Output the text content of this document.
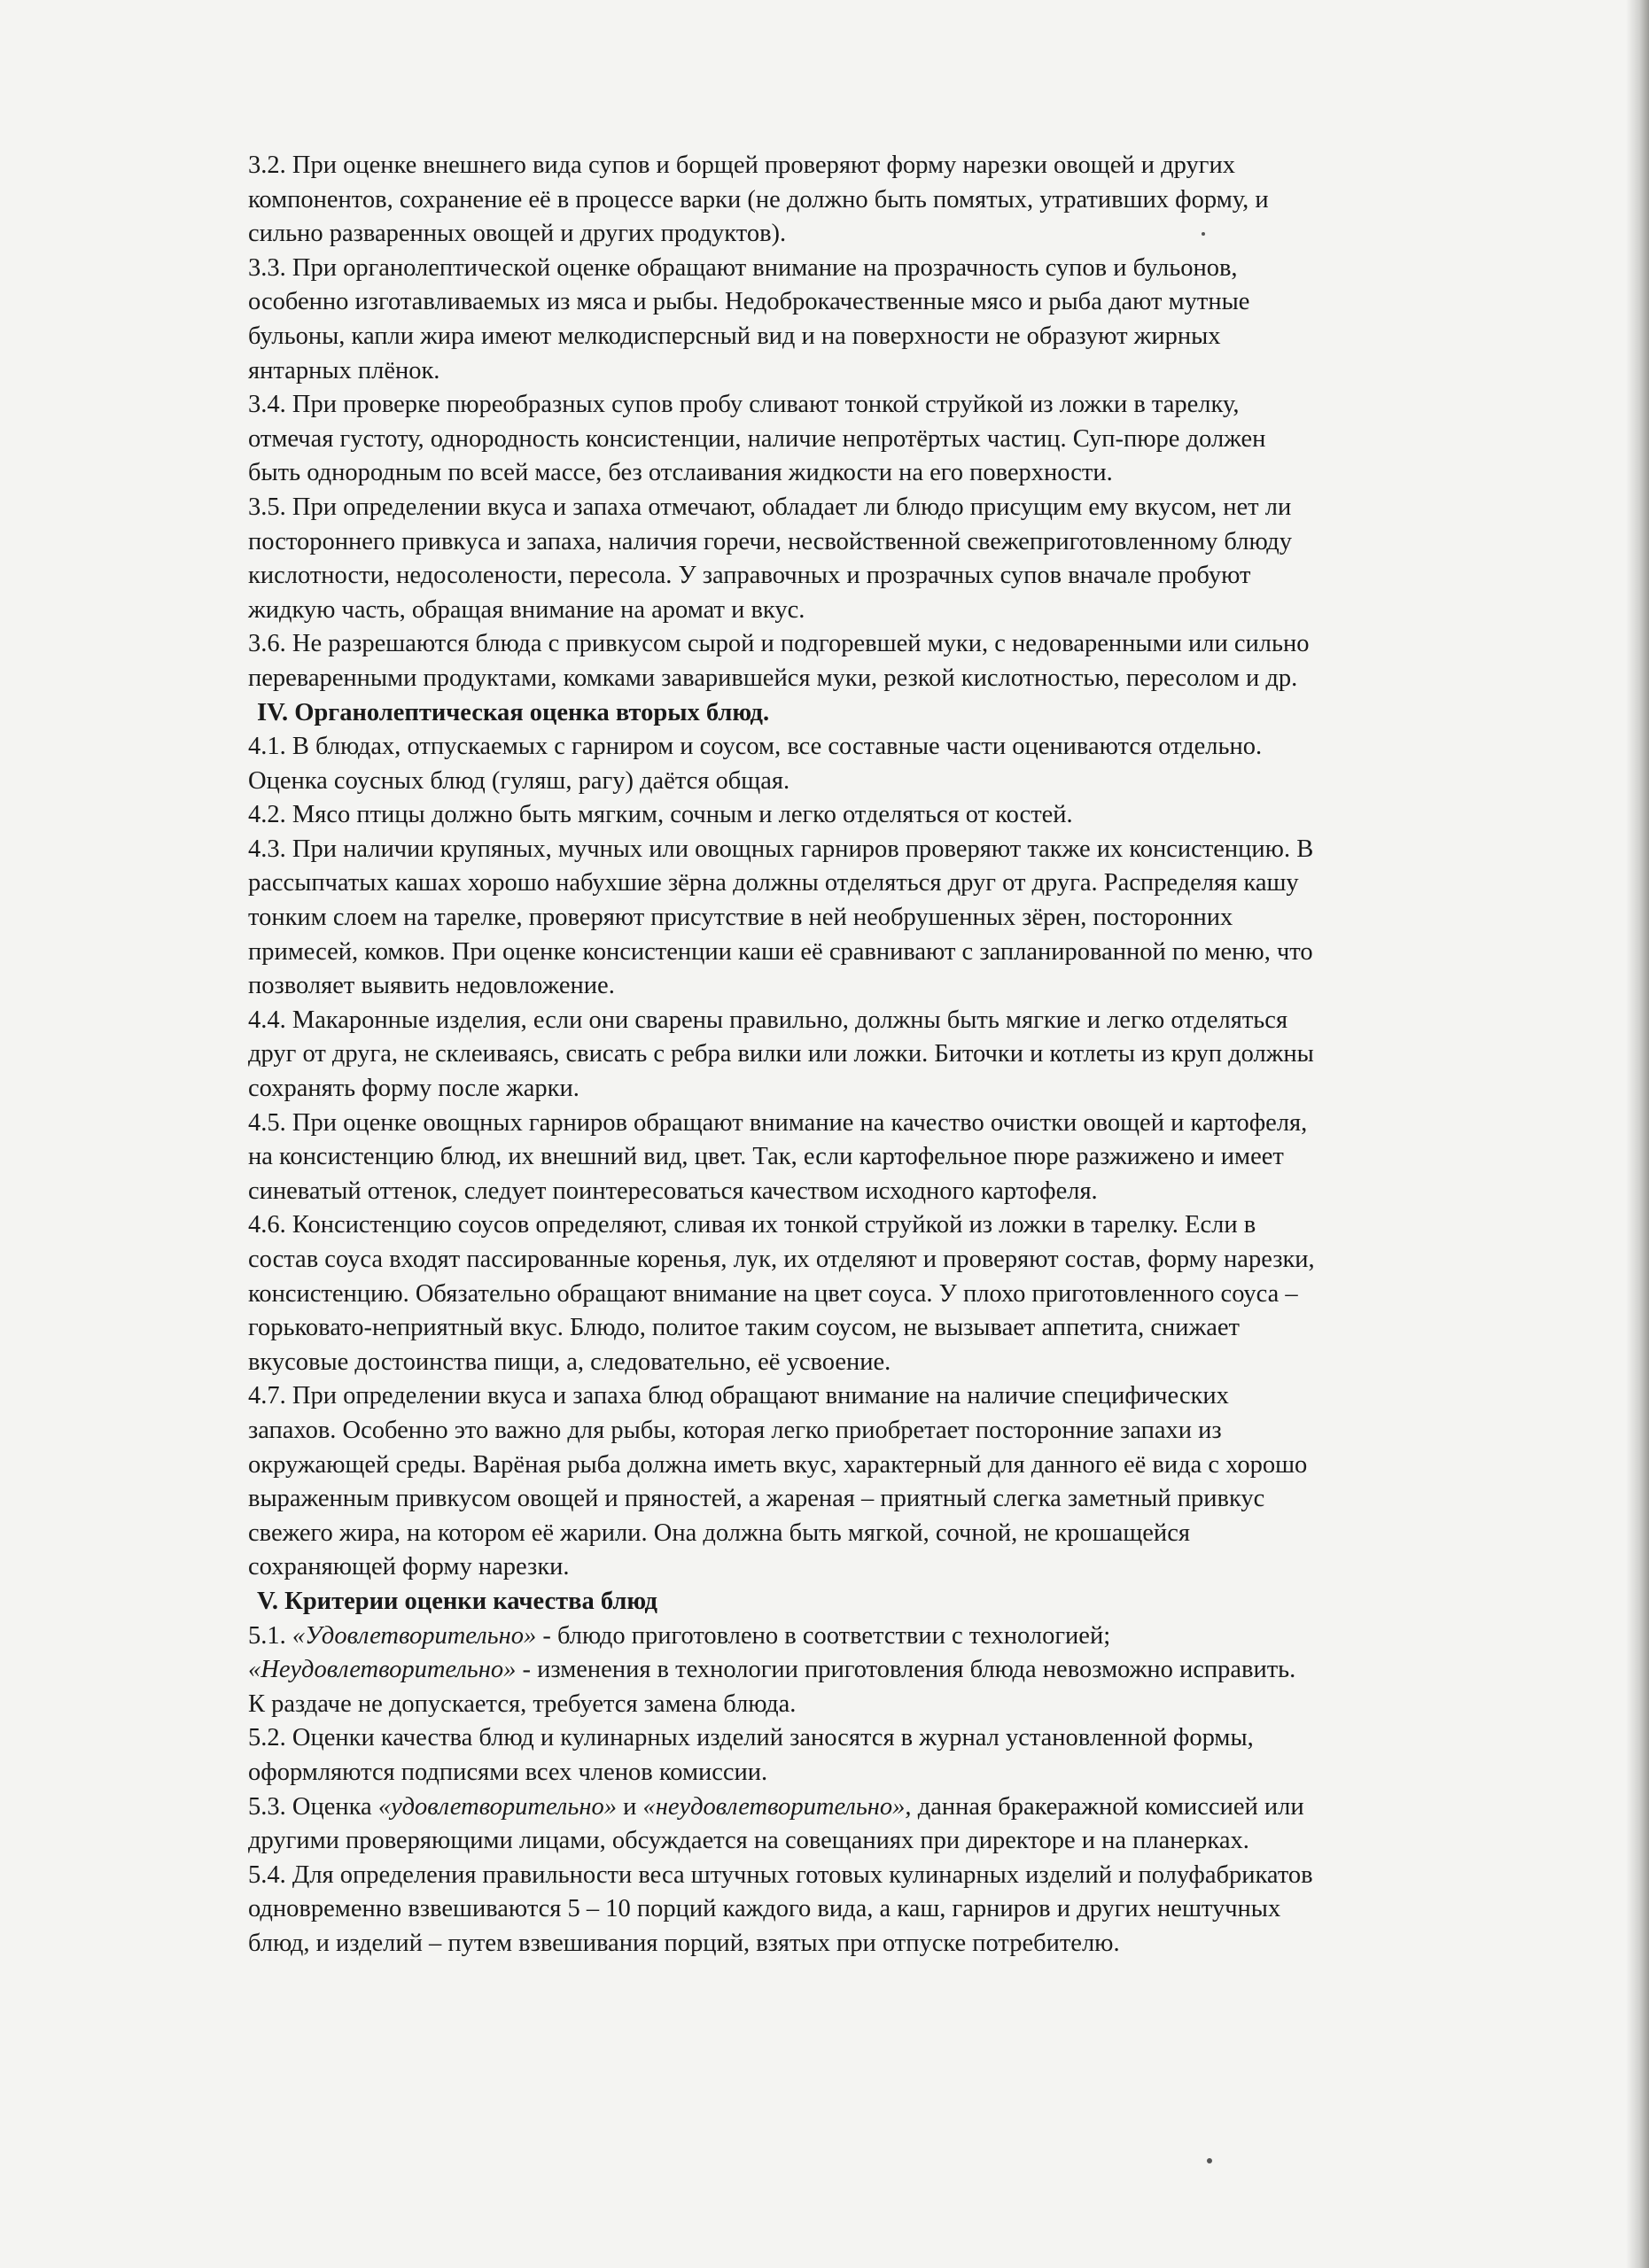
3.2. При оценке внешнего вида супов и борщей проверяют форму нарезки овощей и других
компонентов, сохранение её в процессе варки (не должно быть помятых, утративших форму, и
сильно разваренных овощей и других продуктов).
3.3. При органолептической оценке обращают внимание на прозрачность супов и бульонов,
особенно изготавливаемых из мяса и рыбы. Недоброкачественные мясо и рыба дают мутные
бульоны, капли жира имеют мелкодисперсный вид и на поверхности не образуют жирных
янтарных плёнок.
3.4. При проверке пюреобразных супов пробу сливают тонкой струйкой из ложки в тарелку,
отмечая густоту, однородность консистенции, наличие непротёртых частиц. Суп-пюре должен
быть однородным по всей массе, без отслаивания жидкости на его поверхности.
3.5. При определении вкуса и запаха отмечают, обладает ли блюдо присущим ему вкусом, нет ли
постороннего привкуса и запаха, наличия горечи, несвойственной свежеприготовленному блюду
кислотности, недосолености, пересола. У заправочных и прозрачных супов вначале пробуют
жидкую часть, обращая внимание на аромат и вкус.
3.6. Не разрешаются блюда с привкусом сырой и подгоревшей муки, с недоваренными или сильно
переваренными продуктами, комками заварившейся муки, резкой кислотностью, пересолом и др.
IV. Органолептическая оценка вторых блюд.
4.1. В блюдах, отпускаемых с гарниром и соусом, все составные части оцениваются отдельно.
Оценка соусных блюд (гуляш, рагу) даётся общая.
4.2. Мясо птицы должно быть мягким, сочным и легко отделяться от костей.
4.3. При наличии крупяных, мучных или овощных гарниров проверяют также их консистенцию. В
рассыпчатых кашах хорошо набухшие зёрна должны отделяться друг от друга. Распределяя кашу
тонким слоем на тарелке, проверяют присутствие в ней необрушенных зёрен, посторонних
примесей, комков. При оценке консистенции каши её сравнивают с запланированной по меню, что
позволяет выявить недовложение.
4.4. Макаронные изделия, если они сварены правильно, должны быть мягкие и легко отделяться
друг от друга, не склеиваясь, свисать с ребра вилки или ложки. Биточки и котлеты из круп должны
сохранять форму после жарки.
4.5. При оценке овощных гарниров обращают внимание на качество очистки овощей и картофеля,
на консистенцию блюд, их внешний вид, цвет. Так, если картофельное пюре разжижено и имеет
синеватый оттенок, следует поинтересоваться качеством исходного картофеля.
4.6. Консистенцию соусов определяют, сливая их тонкой струйкой из ложки в тарелку. Если в
состав соуса входят пассированные коренья, лук, их отделяют и проверяют состав, форму нарезки,
консистенцию. Обязательно обращают внимание на цвет соуса. У плохо приготовленного соуса –
горьковато-неприятный вкус. Блюдо, политое таким соусом, не вызывает аппетита, снижает
вкусовые достоинства пищи, а, следовательно, её усвоение.
4.7. При определении вкуса и запаха блюд обращают внимание на наличие специфических
запахов. Особенно это важно для рыбы, которая легко приобретает посторонние запахи из
окружающей среды. Варёная рыба должна иметь вкус, характерный для данного её вида с хорошо
выраженным привкусом овощей и пряностей, а жареная – приятный слегка заметный привкус
свежего жира, на котором её жарили. Она должна быть мягкой, сочной, не крошащейся
сохраняющей форму нарезки.
V. Критерии оценки качества блюд
5.1. «Удовлетворительно» - блюдо приготовлено в соответствии с технологией;
«Неудовлетворительно» - изменения в технологии приготовления блюда невозможно исправить.
К раздаче не допускается, требуется замена блюда.
5.2. Оценки качества блюд и кулинарных изделий заносятся в журнал установленной формы,
оформляются подписями всех членов комиссии.
5.3. Оценка «удовлетворительно» и «неудовлетворительно», данная бракеражной комиссией или
другими проверяющими лицами, обсуждается на совещаниях при директоре и на планерках.
5.4. Для определения правильности веса штучных готовых кулинарных изделий и полуфабрикатов
одновременно взвешиваются 5 – 10 порций каждого вида, а каш, гарниров и других нештучных
блюд, и изделий – путем взвешивания порций, взятых при отпуске потребителю.
